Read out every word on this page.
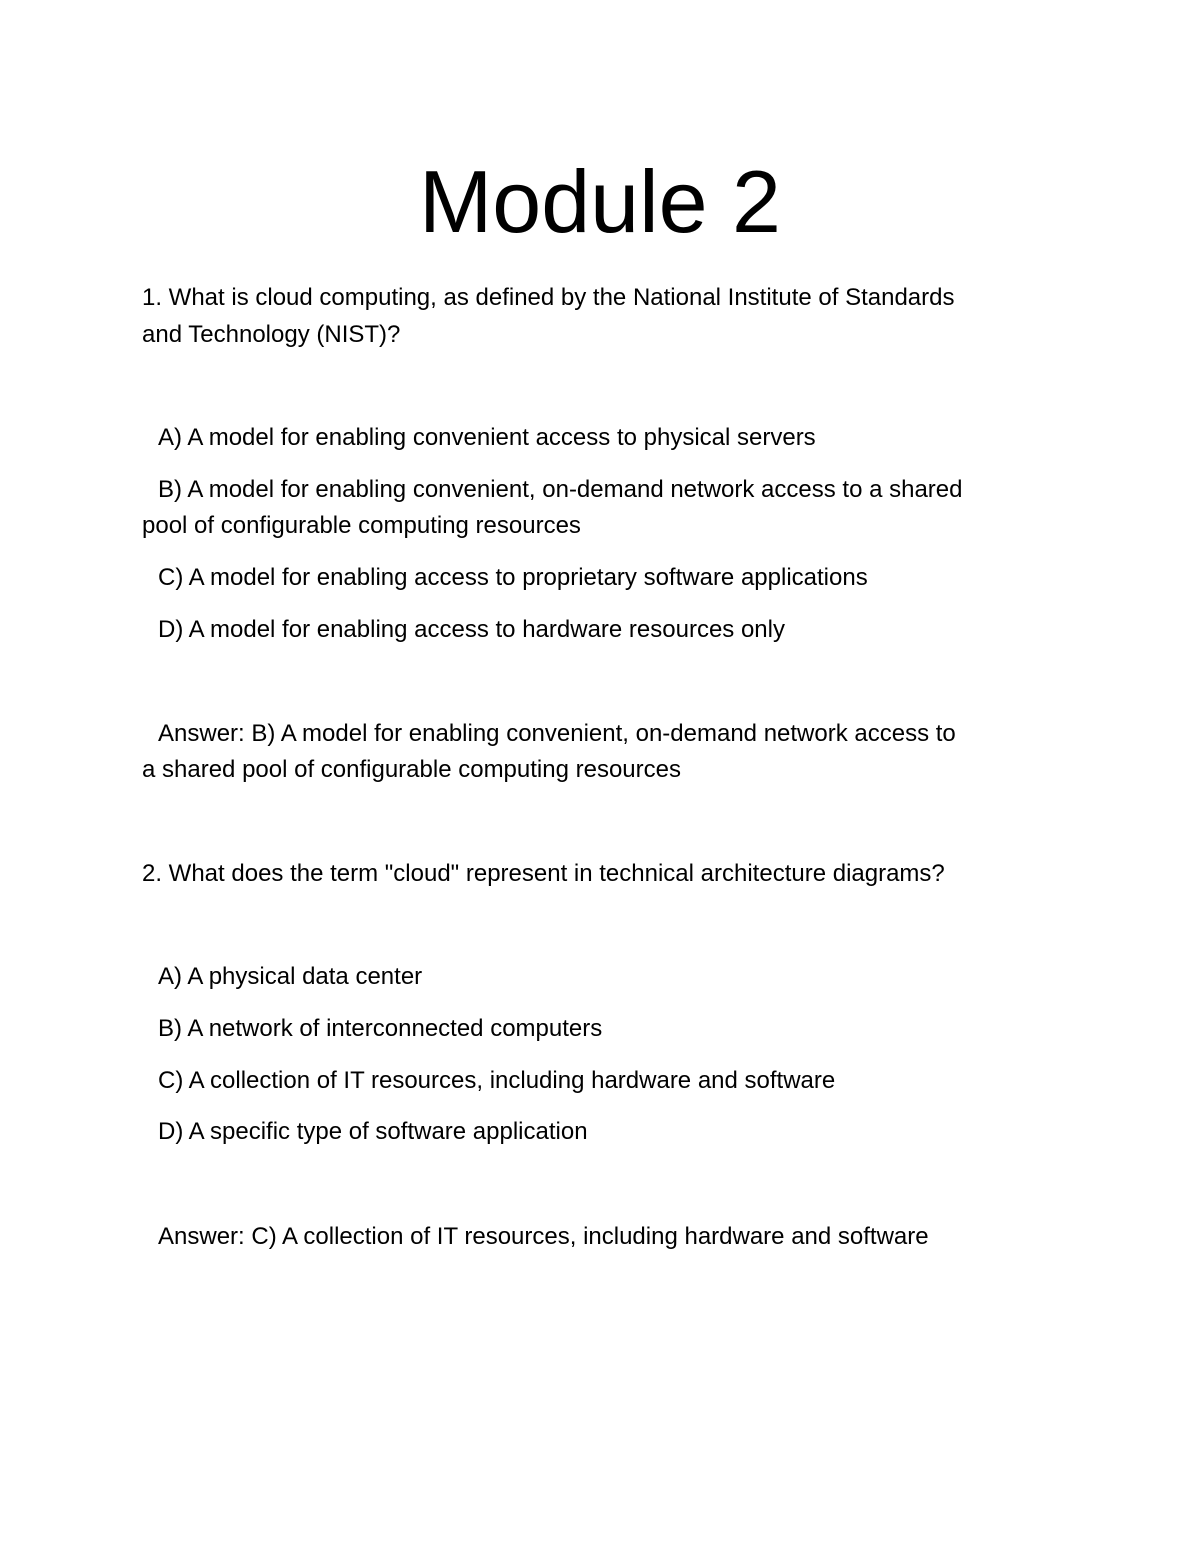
Module 2
1. What is cloud computing, as defined by the National Institute of Standards
and Technology (NIST)?
A) A model for enabling convenient access to physical servers
B) A model for enabling convenient, on-demand network access to a shared
pool of configurable computing resources
C) A model for enabling access to proprietary software applications
D) A model for enabling access to hardware resources only
Answer: B) A model for enabling convenient, on-demand network access to
a shared pool of configurable computing resources
2. What does the term "cloud" represent in technical architecture diagrams?
A) A physical data center
B) A network of interconnected computers
C) A collection of IT resources, including hardware and software
D) A specific type of software application
Answer: C) A collection of IT resources, including hardware and software
